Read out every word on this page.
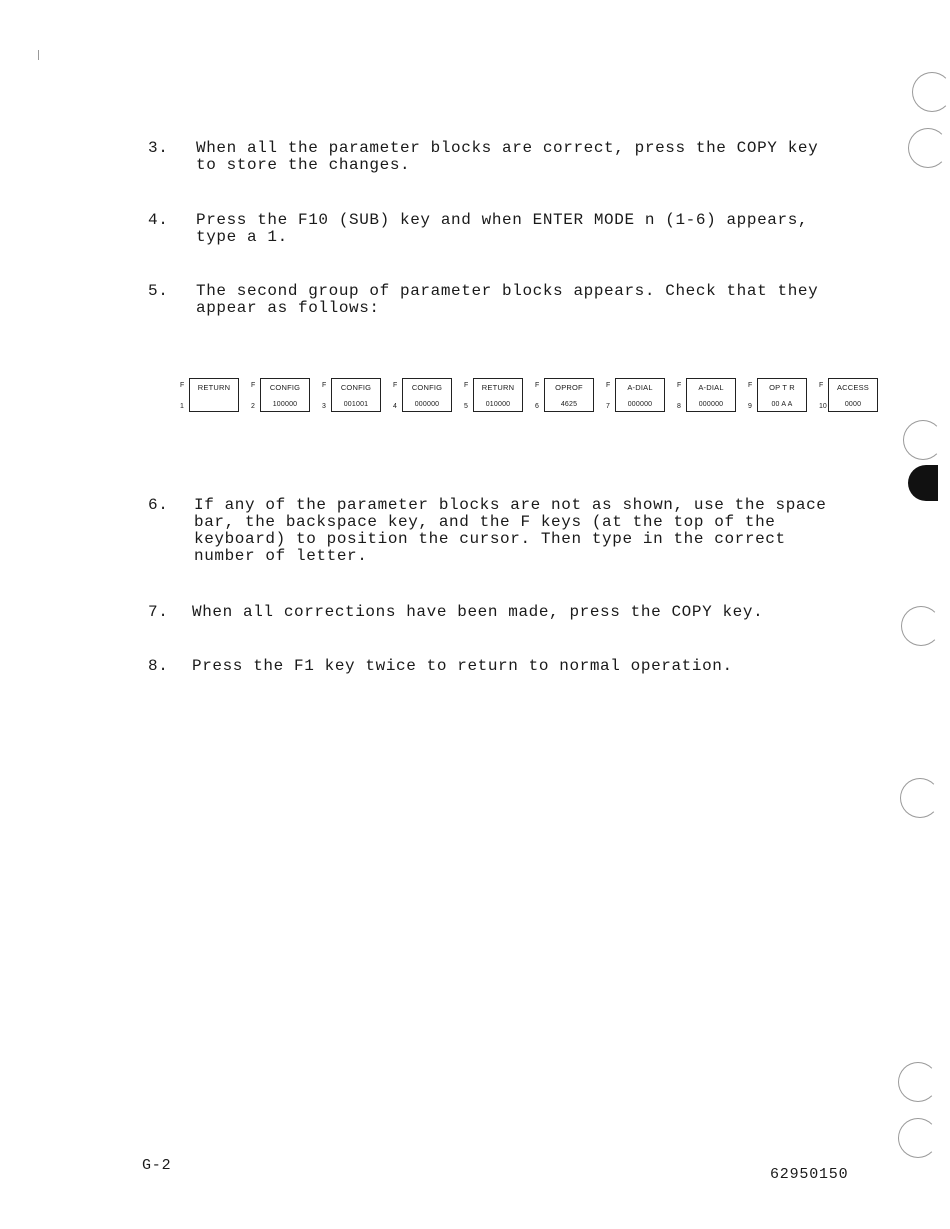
3.	When all the parameter blocks are correct, press the COPY key
to store the changes.
4.	Press the F10 (SUB) key and when ENTER MODE n (1-6) appears,
type a 1.
5.	The second group of parameter blocks appears. Check that they
appear as follows:
F
1
RETURN	F
2
CONFIG
100000
F
3
CONFIG
001001
F
4
CONFIG
000000
F
5
RETURN
010000
F
6
OPROF
4625
F
7
A-DIAL
000000
F
8
A-DIAL
000000
F
9
OP T R
00 A A
F
10
ACCESS
0000
6.	If any of the parameter blocks are not as shown, use the space
bar, the backspace key, and the F keys (at the top of the
keyboard) to position the cursor. Then type in the correct
number of letter.
7.	When all corrections have been made, press the COPY key.
8.	Press the F1 key twice to return to normal operation.
G-2
62950150
